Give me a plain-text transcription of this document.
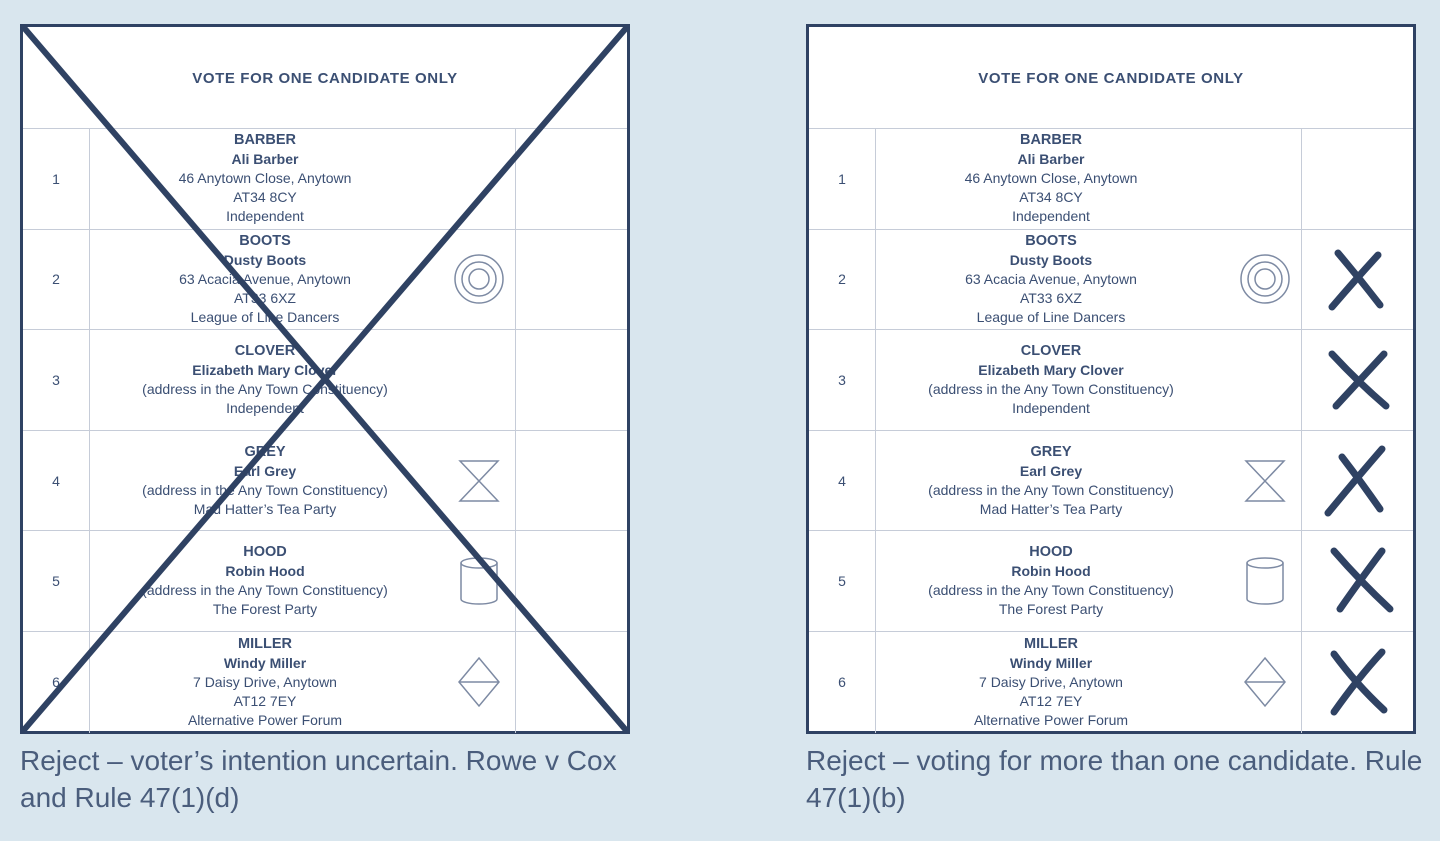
VOTE FOR ONE CANDIDATE ONLY
1
BARBER
Ali Barber
46 Anytown Close, Anytown
AT34 8CY
Independent
2
BOOTS
Dusty Boots
63 Acacia Avenue, Anytown
AT33 6XZ
League of Line Dancers
3
CLOVER
Elizabeth Mary Clover
(address in the Any Town Constituency)
Independent
4
GREY
Earl Grey
(address in the Any Town Constituency)
Mad Hatter’s Tea Party
5
HOOD
Robin Hood
(address in the Any Town Constituency)
The Forest Party
6
MILLER
Windy Miller
7 Daisy Drive, Anytown
AT12 7EY
Alternative Power Forum
Reject – voter’s intention uncertain. Rowe v Cox and Rule 47(1)(d)
VOTE FOR ONE CANDIDATE ONLY
1
BARBER
Ali Barber
46 Anytown Close, Anytown
AT34 8CY
Independent
2
BOOTS
Dusty Boots
63 Acacia Avenue, Anytown
AT33 6XZ
League of Line Dancers
3
CLOVER
Elizabeth Mary Clover
(address in the Any Town Constituency)
Independent
4
GREY
Earl Grey
(address in the Any Town Constituency)
Mad Hatter’s Tea Party
5
HOOD
Robin Hood
(address in the Any Town Constituency)
The Forest Party
6
MILLER
Windy Miller
7 Daisy Drive, Anytown
AT12 7EY
Alternative Power Forum
Reject – voting for more than one candidate. Rule 47(1)(b)
